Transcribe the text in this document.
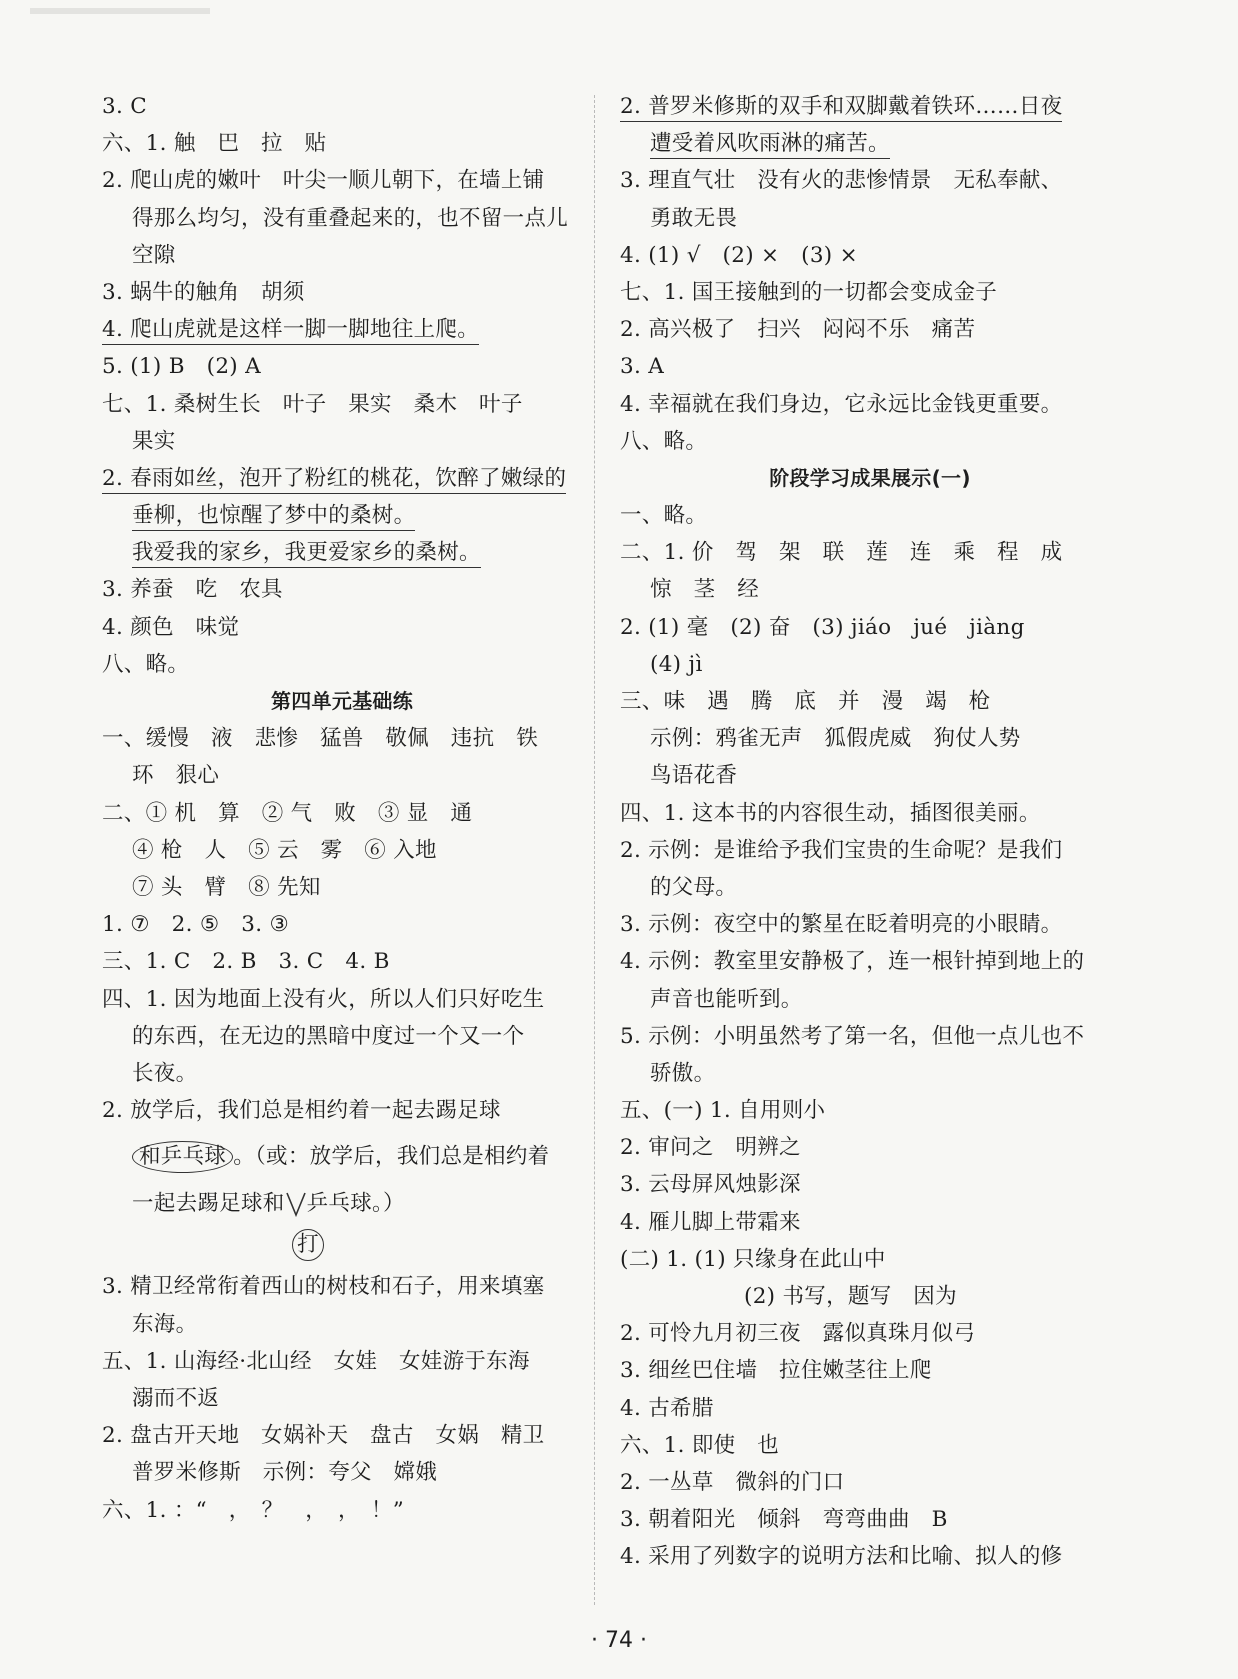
3. C
六、1. 触　巴　拉　贴
2. 爬山虎的嫩叶　叶尖一顺儿朝下，在墙上铺
得那么均匀，没有重叠起来的，也不留一点儿
空隙
3. 蜗牛的触角　胡须
4. 爬山虎就是这样一脚一脚地往上爬。
5. (1) B　(2) A
七、1. 桑树生长　叶子　果实　桑木　叶子
果实
2. 春雨如丝，泡开了粉红的桃花，饮醉了嫩绿的
垂柳，也惊醒了梦中的桑树。
我爱我的家乡，我更爱家乡的桑树。
3. 养蚕　吃　农具
4. 颜色　味觉
八、略。
第四单元基础练
一、缓慢　液　悲惨　猛兽　敬佩　违抗　铁
环　狠心
二、① 机　算　② 气　败　③ 显　通
④ 枪　人　⑤ 云　雾　⑥ 入地
⑦ 头　臂　⑧ 先知
1. ⑦　2. ⑤　3. ③
三、1. C　2. B　3. C　4. B
四、1. 因为地面上没有火，所以人们只好吃生
的东西，在无边的黑暗中度过一个又一个
长夜。
2. 放学后，我们总是相约着一起去踢足球
和乒乓球 。（或：放学后，我们总是相约着
一起去踢足球和 乒乓球。）
打
3. 精卫经常衔着西山的树枝和石子，用来填塞
东海。
五、1. 山海经·北山经　女娃　女娃游于东海
溺而不返
2. 盘古开天地　女娲补天　盘古　女娲　精卫
普罗米修斯　示例：夸父　嫦娥
六、1. ：“　，　？　，　，　！”
2. 普罗米修斯的双手和双脚戴着铁环……日夜
遭受着风吹雨淋的痛苦。
3. 理直气壮　没有火的悲惨情景　无私奉献、
勇敢无畏
4. (1) √　(2) ×　(3) ×
七、1. 国王接触到的一切都会变成金子
2. 高兴极了　扫兴　闷闷不乐　痛苦
3. A
4. 幸福就在我们身边，它永远比金钱更重要。
八、略。
阶段学习成果展示(一)
一、略。
二、1. 价　驾　架　联　莲　连　乘　程　成
惊　茎　经
2. (1) 毫　(2) 奋　(3) jiáo　jué　jiàng
(4) jì
三、味　遇　腾　底　并　漫　竭　枪
示例：鸦雀无声　狐假虎威　狗仗人势
鸟语花香
四、1. 这本书的内容很生动，插图很美丽。
2. 示例：是谁给予我们宝贵的生命呢？是我们
的父母。
3. 示例：夜空中的繁星在眨着明亮的小眼睛。
4. 示例：教室里安静极了，连一根针掉到地上的
声音也能听到。
5. 示例：小明虽然考了第一名，但他一点儿也不
骄傲。
五、(一) 1. 自用则小
2. 审问之　明辨之
3. 云母屏风烛影深
4. 雁儿脚上带霜来
(二) 1. (1) 只缘身在此山中
(2) 书写，题写　因为
2. 可怜九月初三夜　露似真珠月似弓
3. 细丝巴住墙　拉住嫩茎往上爬
4. 古希腊
六、1. 即使　也
2. 一丛草　微斜的门口
3. 朝着阳光　倾斜　弯弯曲曲　B
4. 采用了列数字的说明方法和比喻、拟人的修
· 74 ·
